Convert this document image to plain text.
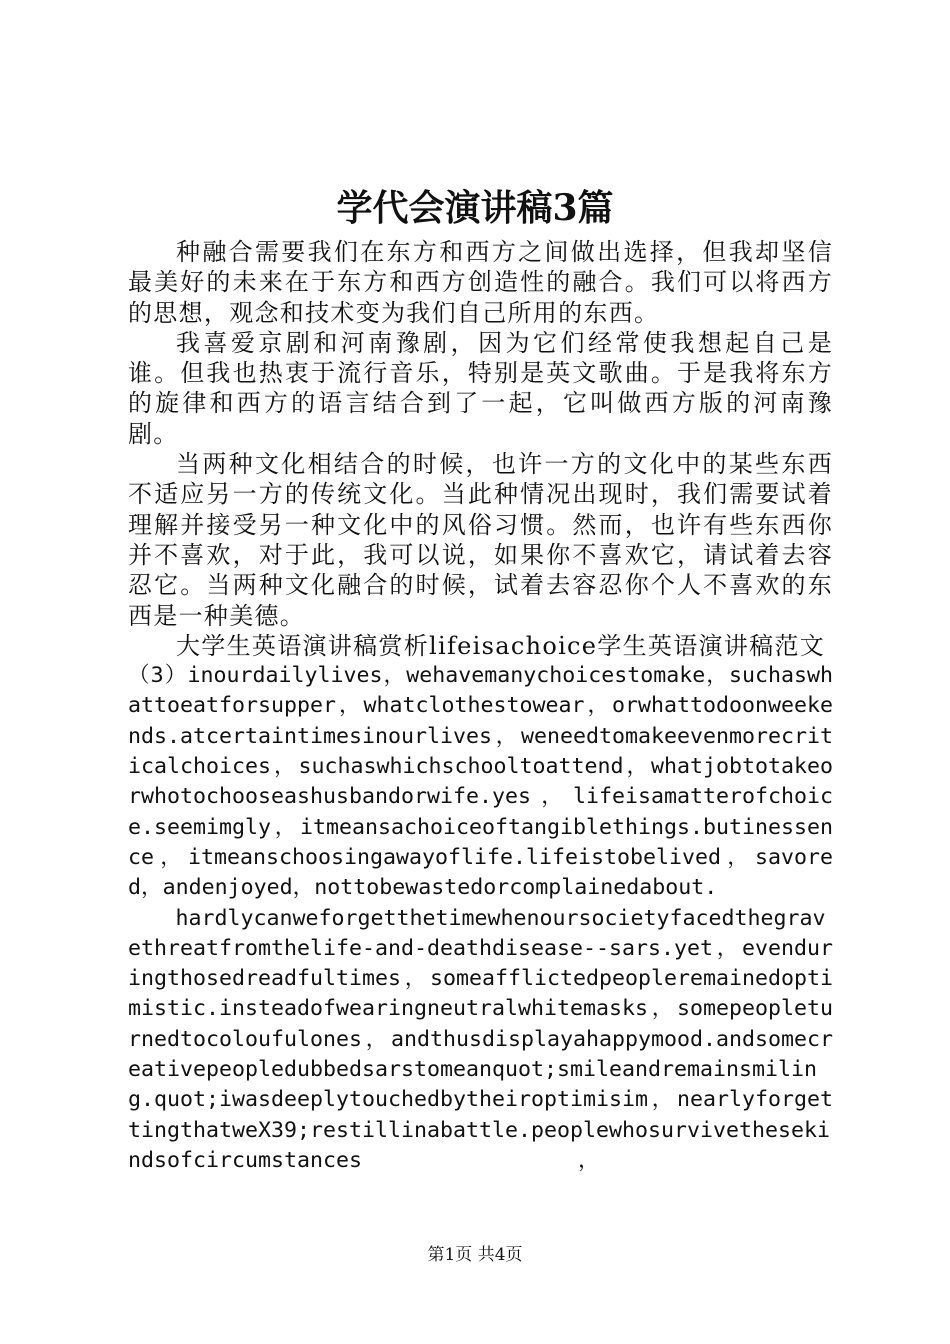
学代会演讲稿3篇

种融合需要我们在东方和西方之间做出选择，但我却坚信最美好的未来在于东方和西方创造性的融合。我们可以将西方的思想，观念和技术变为我们自己所用的东西。

我喜爱京剧和河南豫剧，因为它们经常使我想起自己是谁。但我也热衷于流行音乐，特别是英文歌曲。于是我将东方的旋律和西方的语言结合到了一起，它叫做西方版的河南豫剧。

当两种文化相结合的时候，也许一方的文化中的某些东西不适应另一方的传统文化。当此种情况出现时，我们需要试着理解并接受另一种文化中的风俗习惯。然而，也许有些东西你并不喜欢，对于此，我可以说，如果你不喜欢它，请试着去容忍它。当两种文化融合的时候，试着去容忍你个人不喜欢的东西是一种美德。

大学生英语演讲稿赏析lifeisachoice学生英语演讲稿范文

（3）inourdailylives，wehavemanychoicestomake，suchaswhattoeatforsupper，whatclothestowear，orwhattodoonweekends.atcertaintimesinourlives，weneedtomakeevenmorecriticalchoices，suchaswhichschooltoattend，whatjobtotakeorwhotochooseashusbandorwife.yes，lifeisamatterofchoice.seemimgly，itmeansachoiceoftangiblethings.butinessence，itmeanschoosingawayoflife.lifeistobelived，savored，andenjoyed，nottobewastedorcomplainedabout.

hardlycanweforgetthetimewhenoursocietyfacedthegravethreatfromthelife-and-deathdisease--sars.yet，evenduringthosedreadfultimes，someafflictedpeopleremainedoptimistic.insteadofwearingneutralwhitemasks，somepeopleturnedtocoloufulones，andthusdisplayahappymood.andsomecreativepeopledubbedsarstomeanquot;smileandremainsmiling.quot;iwasdeeplytouchedbytheiroptimisim，nearlyforgettingthatweX39;restillinabattle.peoplewhosurvivethesekindsofcircumstances　　　　　　　　　　，

第1页 共4页
